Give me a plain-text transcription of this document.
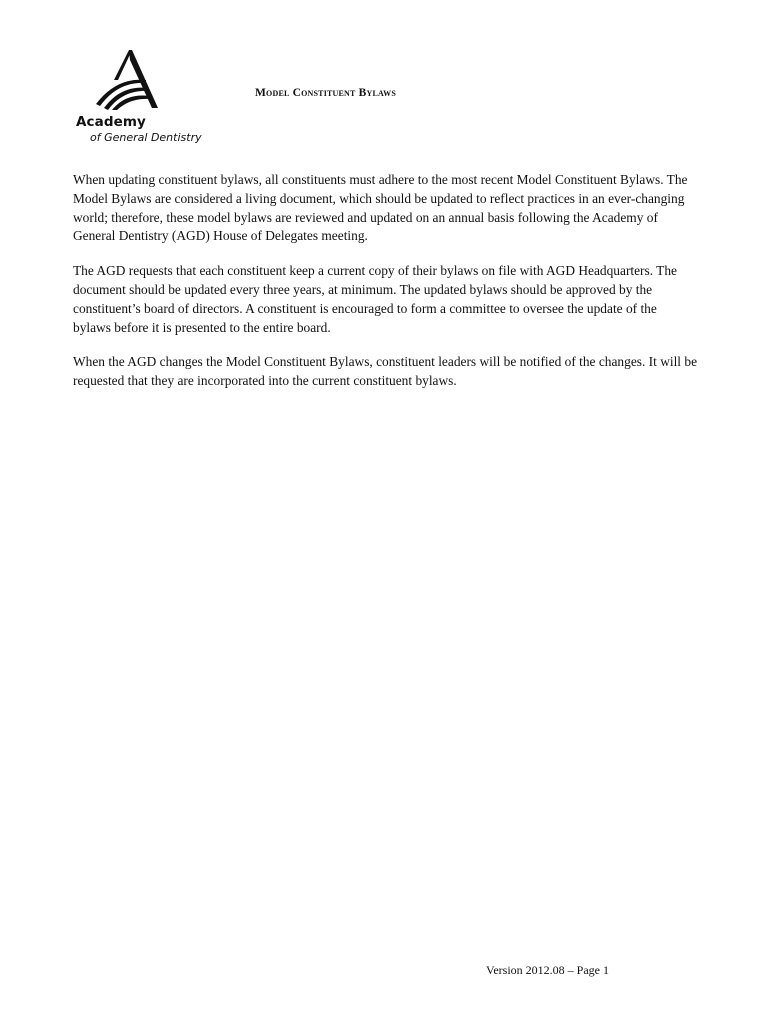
Academy
of General Dentistry
Model Constituent Bylaws

When updating constituent bylaws, all constituents must adhere to the most recent Model Constituent Bylaws. The Model Bylaws are considered a living document, which should be updated to reflect practices in an ever-changing world; therefore, these model bylaws are reviewed and updated on an annual basis following the Academy of General Dentistry (AGD) House of Delegates meeting.

The AGD requests that each constituent keep a current copy of their bylaws on file with AGD Headquarters. The document should be updated every three years, at minimum. The updated bylaws should be approved by the constituent’s board of directors. A constituent is encouraged to form a committee to oversee the update of the bylaws before it is presented to the entire board.

When the AGD changes the Model Constituent Bylaws, constituent leaders will be notified of the changes. It will be requested that they are incorporated into the current constituent bylaws.

Version 2012.08 – Page 1
